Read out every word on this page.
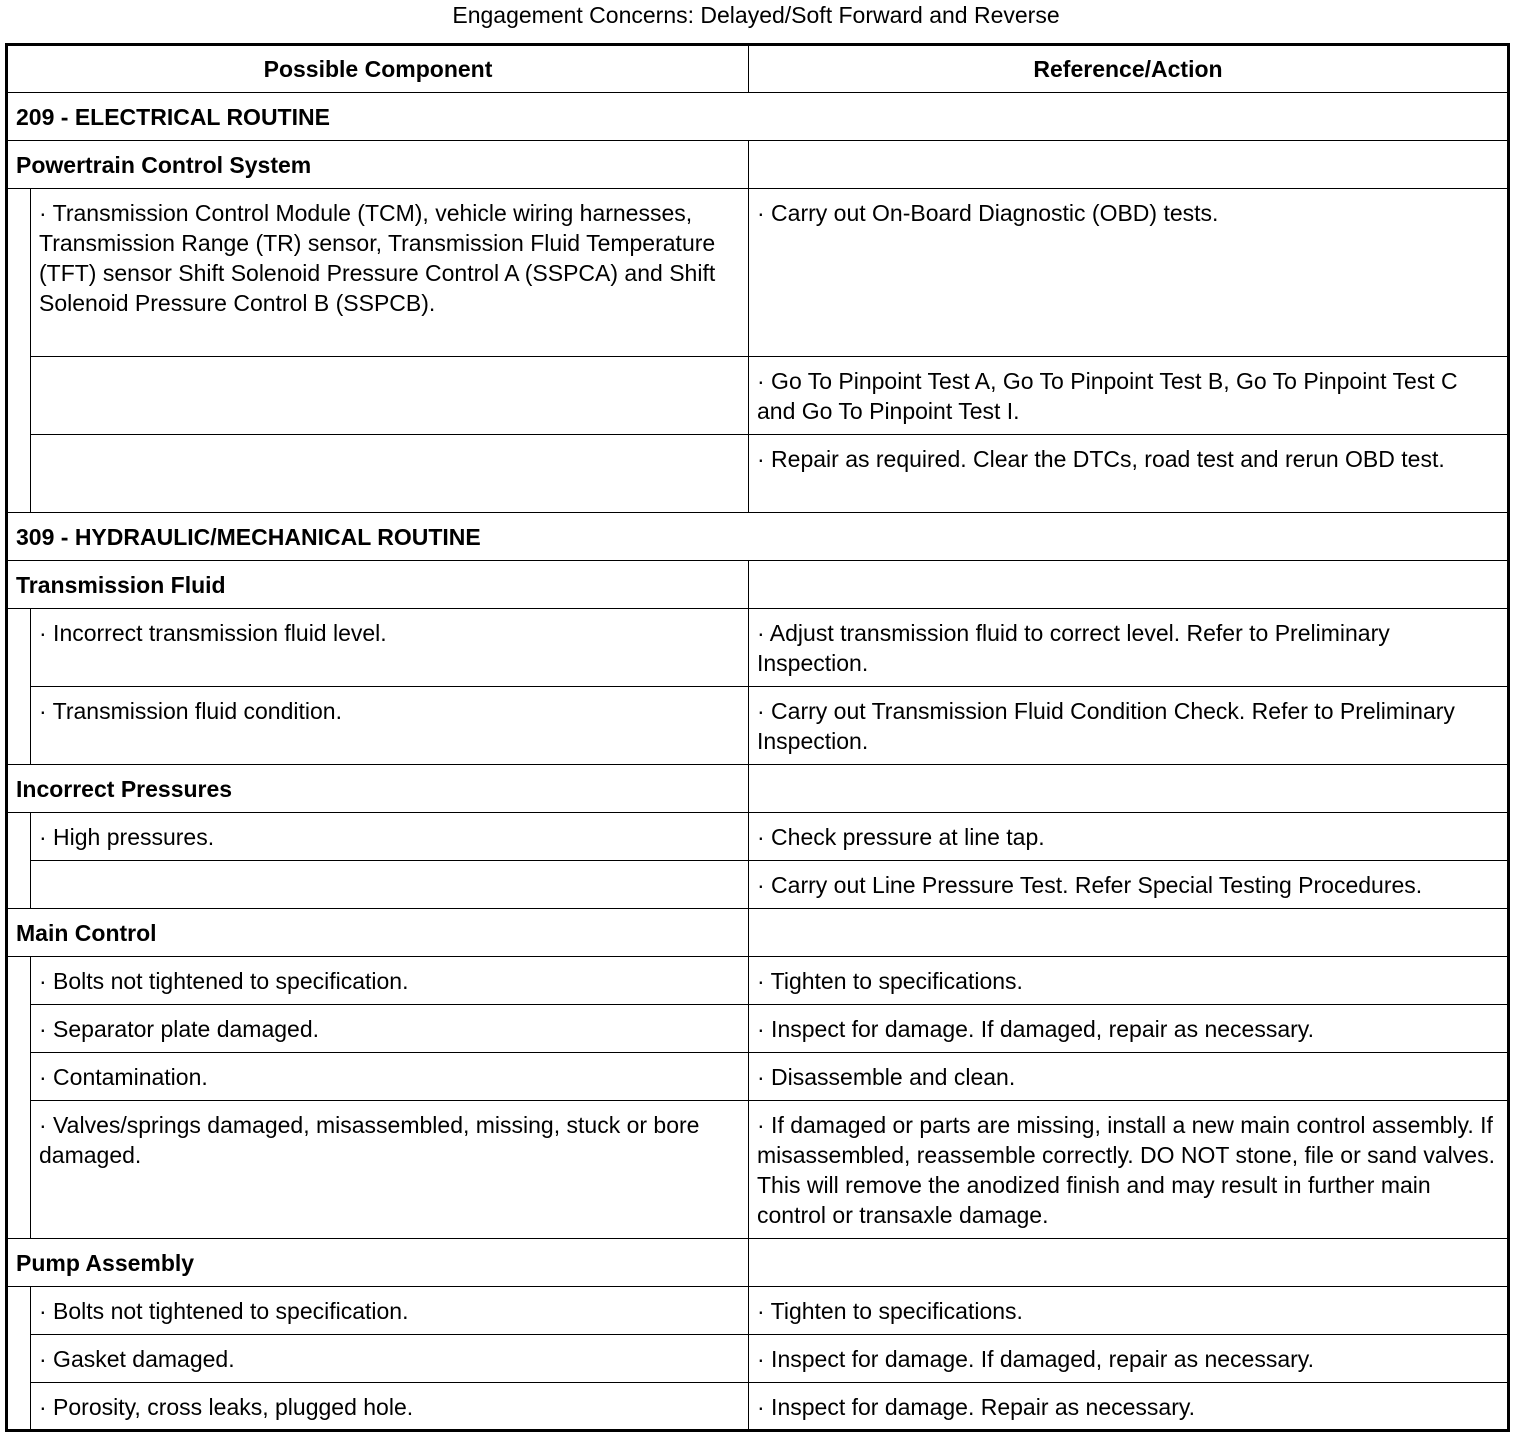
Engagement Concerns: Delayed/Soft Forward and Reverse
Possible Component		Reference/Action

209 - ELECTRICAL ROUTINE		

Powertrain Control System		

	· Transmission Control Module (TCM), vehicle wiring harnesses, Transmission Range (TR) sensor, Transmission Fluid Temperature (TFT) sensor Shift Solenoid Pressure Control A (SSPCA) and Shift Solenoid Pressure Control B (SSPCB).	· Carry out On-Board Diagnostic (OBD) tests.

		· Go To Pinpoint Test A, Go To Pinpoint Test B, Go To Pinpoint Test C and Go To Pinpoint Test I.

		· Repair as required. Clear the DTCs, road test and rerun OBD test.

309 - HYDRAULIC/MECHANICAL ROUTINE		

Transmission Fluid		

	· Incorrect transmission fluid level.	· Adjust transmission fluid to correct level. Refer to Preliminary Inspection.

	· Transmission fluid condition.	· Carry out Transmission Fluid Condition Check. Refer to Preliminary Inspection.

Incorrect Pressures		

	· High pressures.	· Check pressure at line tap.

		· Carry out Line Pressure Test. Refer Special Testing Procedures.

Main Control		

	· Bolts not tightened to specification.	· Tighten to specifications.

	· Separator plate damaged.	· Inspect for damage. If damaged, repair as necessary.

	· Contamination.	· Disassemble and clean.

	· Valves/springs damaged, misassembled, missing, stuck or bore damaged.	· If damaged or parts are missing, install a new main control assembly. If misassembled, reassemble correctly. DO NOT stone, file or sand valves. This will remove the anodized finish and may result in further main control or transaxle damage.

Pump Assembly		

	· Bolts not tightened to specification.	· Tighten to specifications.

	· Gasket damaged.	· Inspect for damage. If damaged, repair as necessary.

	· Porosity, cross leaks, plugged hole.	· Inspect for damage. Repair as necessary.
